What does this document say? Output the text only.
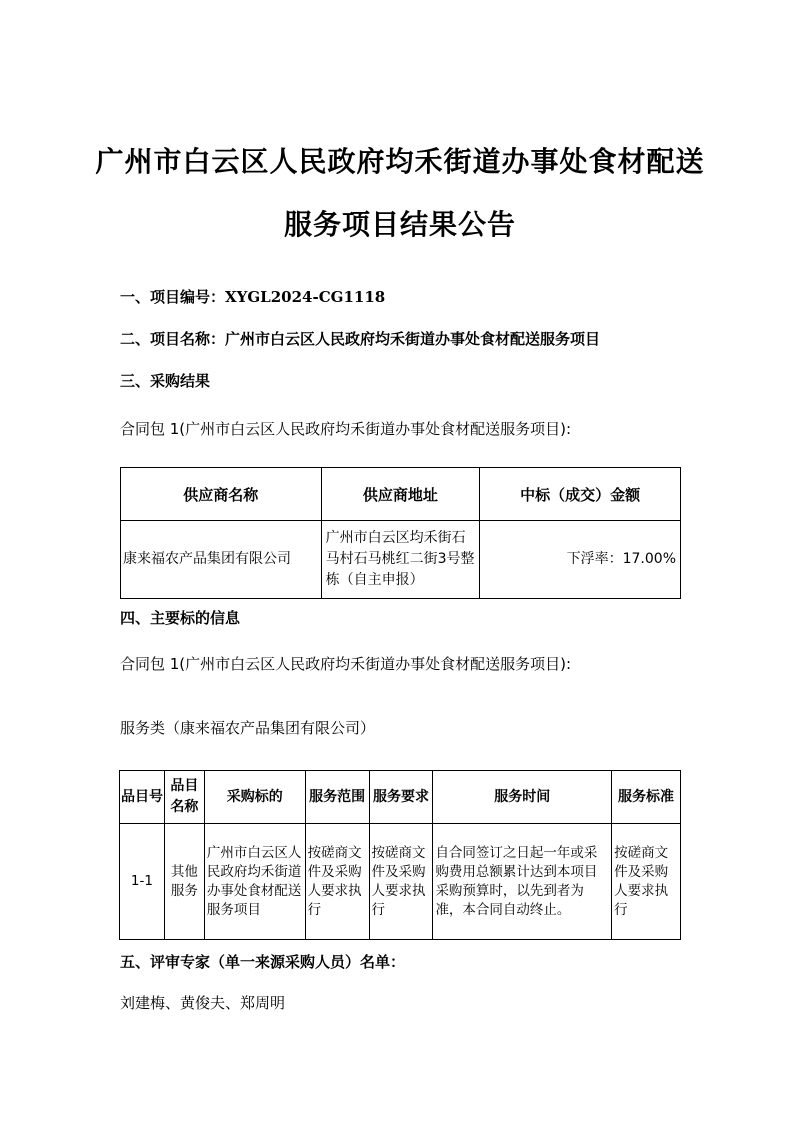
广州市白云区人民政府均禾街道办事处食材配送
服务项目结果公告
一、项目编号：XYGL2024-CG1118
二、项目名称：广州市白云区人民政府均禾街道办事处食材配送服务项目
三、采购结果
合同包 1(广州市白云区人民政府均禾街道办事处食材配送服务项目):
供应商名称	供应商地址	中标（成交）金额
康来福农产品集团有限公司	广州市白云区均禾街石马村石马桃红二街3号整栋（自主申报）	下浮率：17.00%
四、主要标的信息
合同包 1(广州市白云区人民政府均禾街道办事处食材配送服务项目):
服务类（康来福农产品集团有限公司）
品目号	品目名称	采购标的	服务范围	服务要求	服务时间	服务标准
1-1	其他服务	广州市白云区人民政府均禾街道办事处食材配送服务项目	按磋商文件及采购人要求执行	按磋商文件及采购人要求执行	自合同签订之日起一年或采购费用总额累计达到本项目采购预算时，以先到者为准，本合同自动终止。	按磋商文件及采购人要求执行
五、评审专家（单一来源采购人员）名单：
刘建梅、黄俊夫、郑周明
